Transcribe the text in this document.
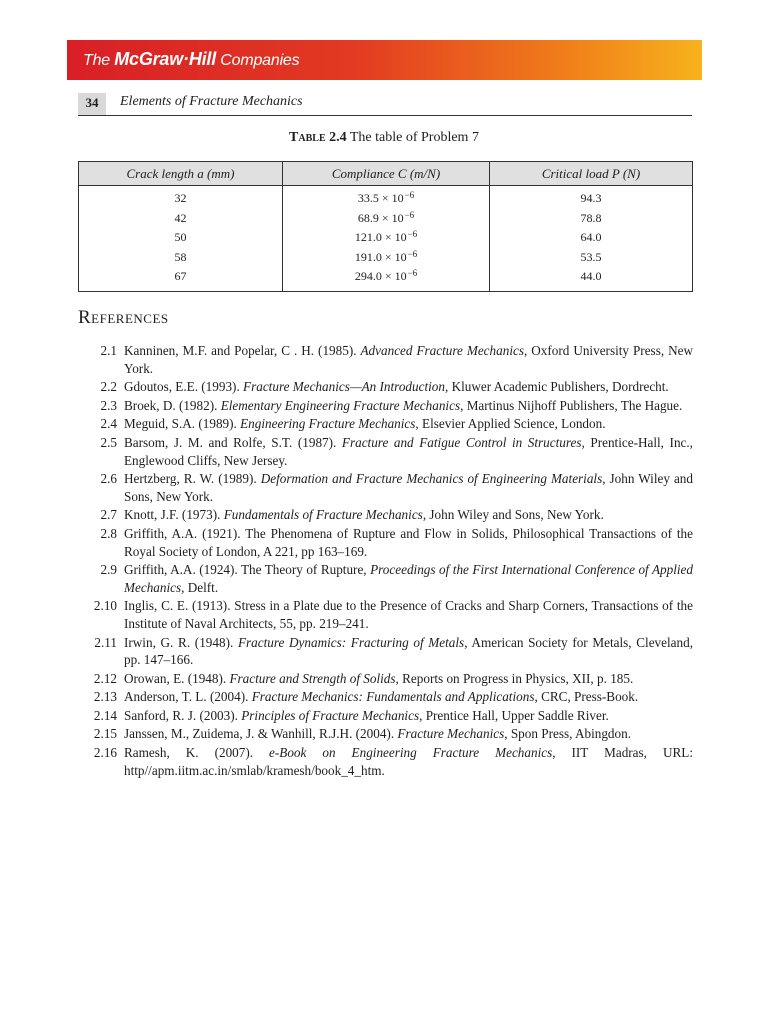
The McGraw·Hill Companies
34	Elements of Fracture Mechanics
Table 2.4 The table of Problem 7
Crack length a (mm)	Compliance C (m/N)	Critical load P (N)
32	$33.5 \times 10^{-6}$	94.3
42	$68.9 \times 10^{-6}$	78.8
50	$121.0 \times 10^{-6}$	64.0
58	$191.0 \times 10^{-6}$	53.5
67	$294.0 \times 10^{-6}$	44.0
References
2.1 Kanninen, M.F. and Popelar, C . H. (1985). Advanced Fracture Mechanics, Oxford University Press, New York.
2.2 Gdoutos, E.E. (1993). Fracture Mechanics—An Introduction, Kluwer Academic Publishers, Dordrecht.
2.3 Broek, D. (1982). Elementary Engineering Fracture Mechanics, Martinus Nijhoff Publishers, The Hague.
2.4 Meguid, S.A. (1989). Engineering Fracture Mechanics, Elsevier Applied Science, London.
2.5 Barsom, J. M. and Rolfe, S.T. (1987). Fracture and Fatigue Control in Structures, Prentice-Hall, Inc., Englewood Cliffs, New Jersey.
2.6 Hertzberg, R. W. (1989). Deformation and Fracture Mechanics of Engineering Materials, John Wiley and Sons, New York.
2.7 Knott, J.F. (1973). Fundamentals of Fracture Mechanics, John Wiley and Sons, New York.
2.8 Griffith, A.A. (1921). The Phenomena of Rupture and Flow in Solids, Philosophical Transactions of the Royal Society of London, A 221, pp 163–169.
2.9 Griffith, A.A. (1924). The Theory of Rupture, Proceedings of the First International Conference of Applied Mechanics, Delft.
2.10 Inglis, C. E. (1913). Stress in a Plate due to the Presence of Cracks and Sharp Corners, Transactions of the Institute of Naval Architects, 55, pp. 219–241.
2.11 Irwin, G. R. (1948). Fracture Dynamics: Fracturing of Metals, American Society for Metals, Cleveland, pp. 147–166.
2.12 Orowan, E. (1948). Fracture and Strength of Solids, Reports on Progress in Physics, XII, p. 185.
2.13 Anderson, T. L. (2004). Fracture Mechanics: Fundamentals and Applications, CRC, Press-Book.
2.14 Sanford, R. J. (2003). Principles of Fracture Mechanics, Prentice Hall, Upper Saddle River.
2.15 Janssen, M., Zuidema, J. & Wanhill, R.J.H. (2004). Fracture Mechanics, Spon Press, Abingdon.
2.16 Ramesh, K. (2007). e-Book on Engineering Fracture Mechanics, IIT Madras, URL: http//apm.iitm.ac.in/smlab/kramesh/book_4_htm.
